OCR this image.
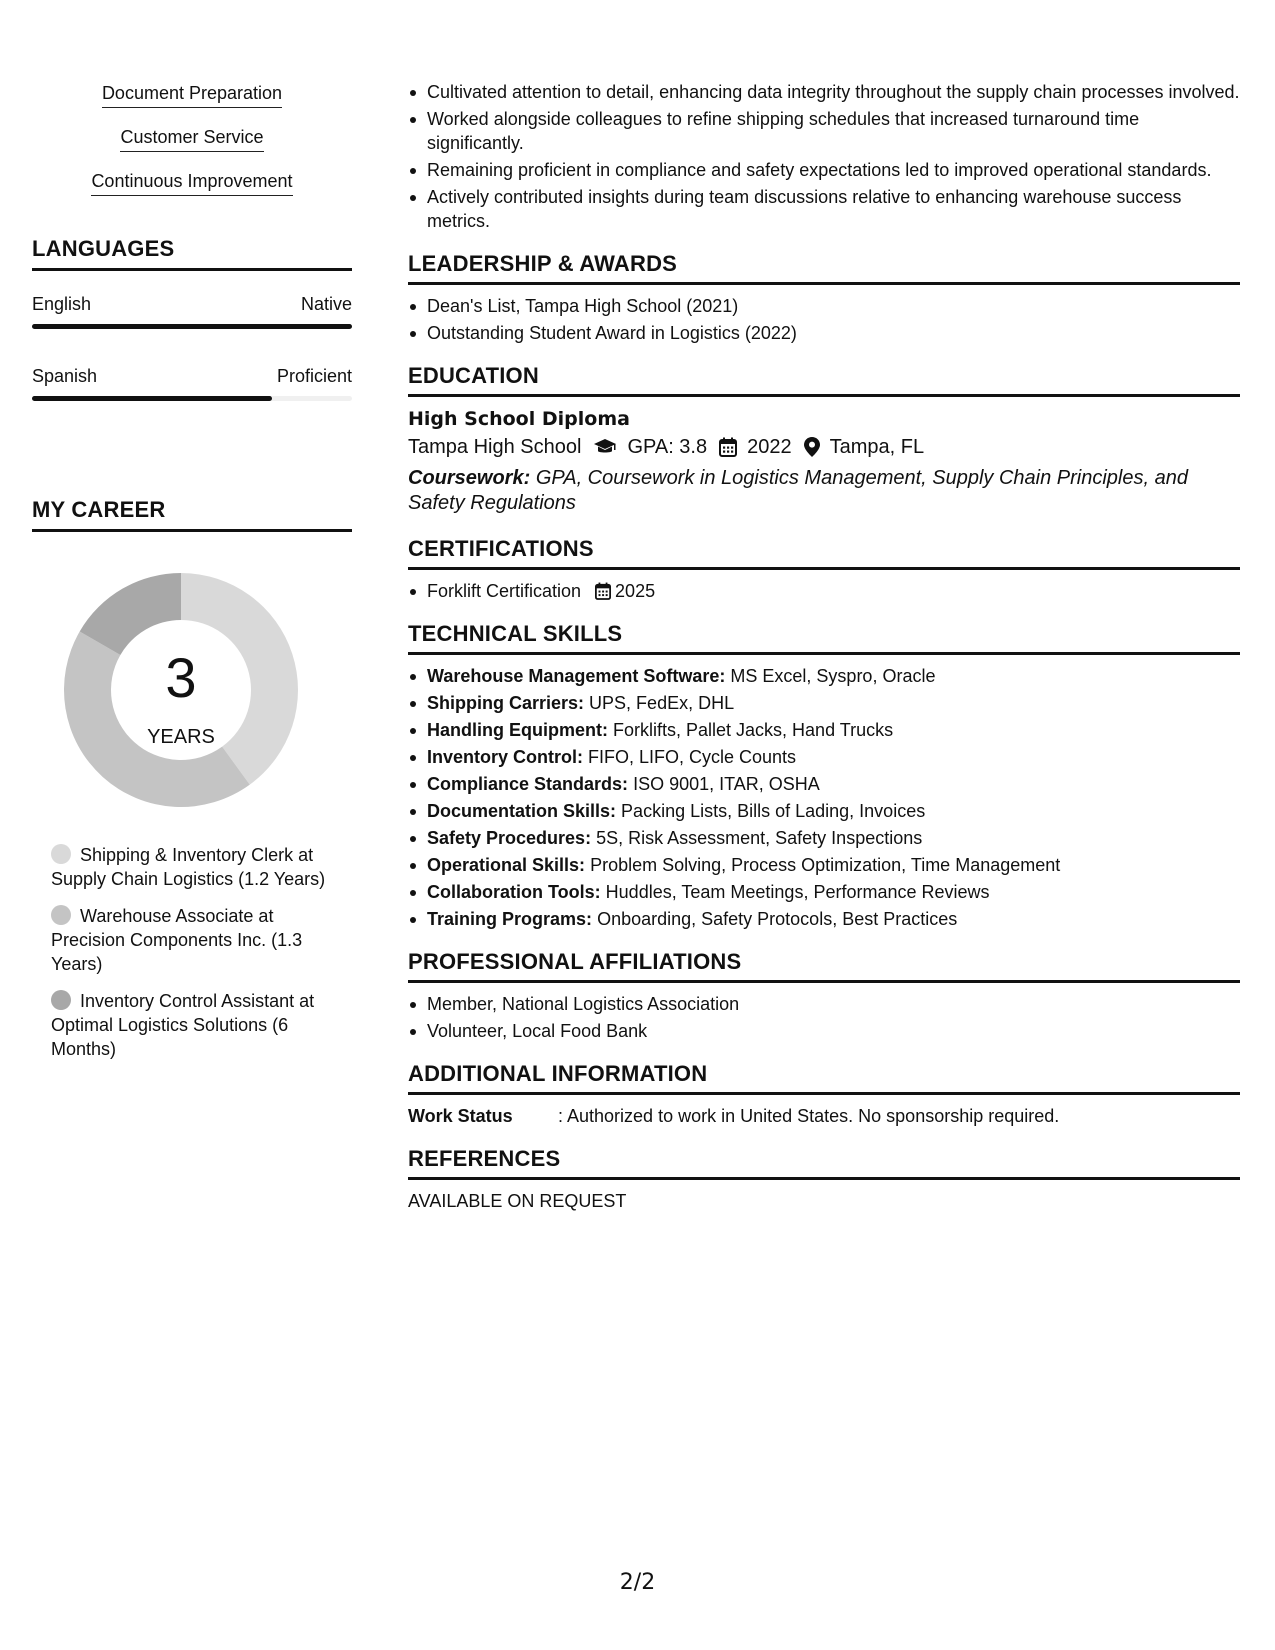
Document Preparation
Customer Service
Continuous Improvement
LANGUAGES
English	Native
Spanish	Proficient
MY CAREER
3
YEARS
Shipping & Inventory Clerk at Supply Chain Logistics (1.2 Years)
Warehouse Associate at Precision Components Inc. (1.3 Years)
Inventory Control Assistant at Optimal Logistics Solutions (6 Months)
Cultivated attention to detail, enhancing data integrity throughout the supply chain processes involved.
Worked alongside colleagues to refine shipping schedules that increased turnaround time significantly.
Remaining proficient in compliance and safety expectations led to improved operational standards.
Actively contributed insights during team discussions relative to enhancing warehouse success metrics.
LEADERSHIP & AWARDS
Dean's List, Tampa High School (2021)
Outstanding Student Award in Logistics (2022)
EDUCATION
High School Diploma
Tampa High School GPA: 3.8 2022 Tampa, FL
Coursework: GPA, Coursework in Logistics Management, Supply Chain Principles, and Safety Regulations
CERTIFICATIONS
Forklift Certification 2025
TECHNICAL SKILLS
Warehouse Management Software: MS Excel, Syspro, Oracle
Shipping Carriers: UPS, FedEx, DHL
Handling Equipment: Forklifts, Pallet Jacks, Hand Trucks
Inventory Control: FIFO, LIFO, Cycle Counts
Compliance Standards: ISO 9001, ITAR, OSHA
Documentation Skills: Packing Lists, Bills of Lading, Invoices
Safety Procedures: 5S, Risk Assessment, Safety Inspections
Operational Skills: Problem Solving, Process Optimization, Time Management
Collaboration Tools: Huddles, Team Meetings, Performance Reviews
Training Programs: Onboarding, Safety Protocols, Best Practices
PROFESSIONAL AFFILIATIONS
Member, National Logistics Association
Volunteer, Local Food Bank
ADDITIONAL INFORMATION
Work Status	: Authorized to work in United States. No sponsorship required.
REFERENCES
AVAILABLE ON REQUEST
2/2
